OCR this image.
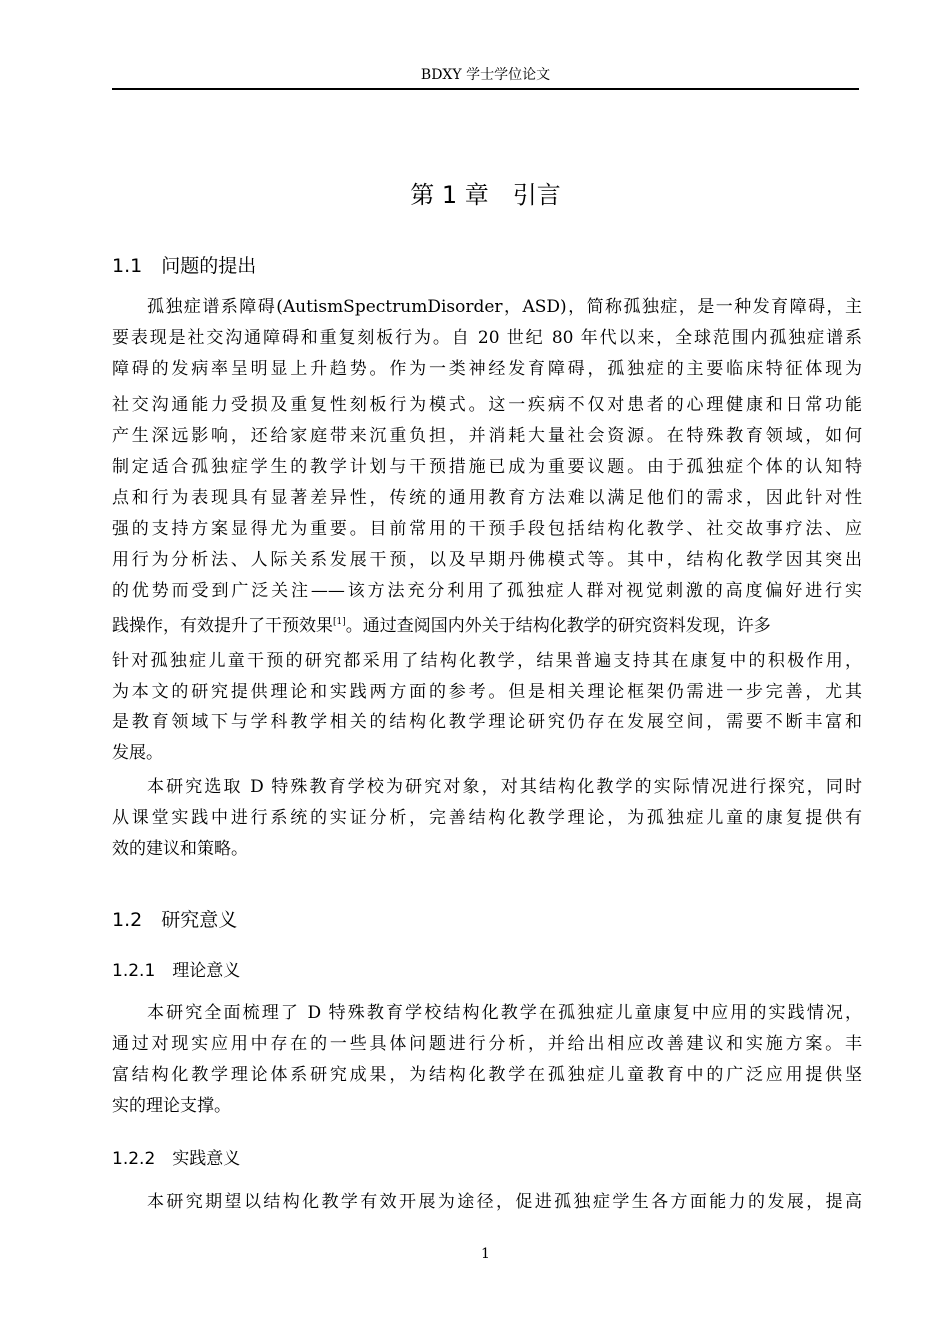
BDXY 学士学位论文
第 1 章　引言
1.1　问题的提出
孤独症谱系障碍(AutismSpectrumDisorder，ASD)，简称孤独症，是一种发育障碍，主
要表现是社交沟通障碍和重复刻板行为。自 20 世纪 80 年代以来，全球范围内孤独症谱系
障碍的发病率呈明显上升趋势。作为一类神经发育障碍，孤独症的主要临床特征体现为
社交沟通能力受损及重复性刻板行为模式。这一疾病不仅对患者的心理健康和日常功能
产生深远影响，还给家庭带来沉重负担，并消耗大量社会资源。在特殊教育领域，如何
制定适合孤独症学生的教学计划与干预措施已成为重要议题。由于孤独症个体的认知特
点和行为表现具有显著差异性，传统的通用教育方法难以满足他们的需求，因此针对性
强的支持方案显得尤为重要。目前常用的干预手段包括结构化教学、社交故事疗法、应
用行为分析法、人际关系发展干预，以及早期丹佛模式等。其中，结构化教学因其突出
的优势而受到广泛关注——该方法充分利用了孤独症人群对视觉刺激的高度偏好进行实
践操作，有效提升了干预效果[1]。通过查阅国内外关于结构化教学的研究资料发现，许多
针对孤独症儿童干预的研究都采用了结构化教学，结果普遍支持其在康复中的积极作用，
为本文的研究提供理论和实践两方面的参考。但是相关理论框架仍需进一步完善，尤其
是教育领域下与学科教学相关的结构化教学理论研究仍存在发展空间，需要不断丰富和
发展。
本研究选取 D 特殊教育学校为研究对象，对其结构化教学的实际情况进行探究，同时
从课堂实践中进行系统的实证分析，完善结构化教学理论，为孤独症儿童的康复提供有
效的建议和策略。
1.2　研究意义
1.2.1　理论意义
本研究全面梳理了 D 特殊教育学校结构化教学在孤独症儿童康复中应用的实践情况，
通过对现实应用中存在的一些具体问题进行分析，并给出相应改善建议和实施方案。丰
富结构化教学理论体系研究成果，为结构化教学在孤独症儿童教育中的广泛应用提供坚
实的理论支撑。
1.2.2　实践意义
本研究期望以结构化教学有效开展为途径，促进孤独症学生各方面能力的发展，提高
1
